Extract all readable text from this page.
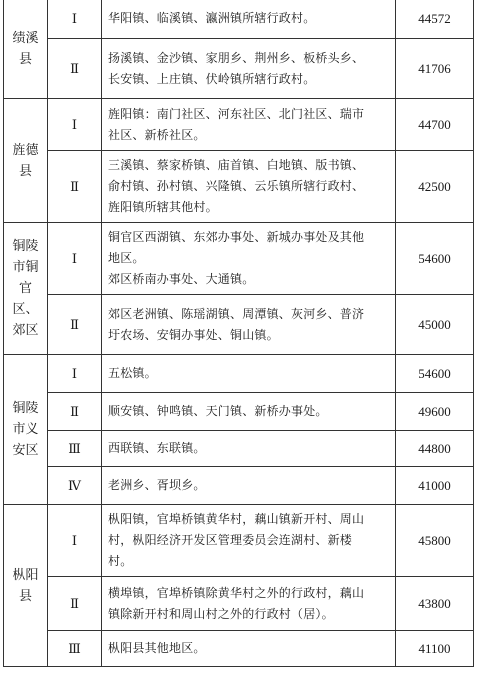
绩溪县	Ⅰ	华阳镇、临溪镇、瀛洲镇所辖行政村。	44572
	Ⅱ	扬溪镇、金沙镇、家朋乡、荆州乡、板桥头乡、
长安镇、上庄镇、伏岭镇所辖行政村。	41706
旌德县	Ⅰ	旌阳镇：南门社区、河东社区、北门社区、瑞市
社区、新桥社区。	44700
	Ⅱ	三溪镇、蔡家桥镇、庙首镇、白地镇、版书镇、
俞村镇、孙村镇、兴隆镇、云乐镇所辖行政村、
旌阳镇所辖其他村。	42500
铜陵市铜官区、郊区	Ⅰ	铜官区西湖镇、东郊办事处、新城办事处及其他
地区。
郊区桥南办事处、大通镇。	54600
	Ⅱ	郊区老洲镇、陈瑶湖镇、周潭镇、灰河乡、普济
圩农场、安铜办事处、铜山镇。	45000
铜陵市义安区	Ⅰ	五松镇。	54600
	Ⅱ	顺安镇、钟鸣镇、天门镇、新桥办事处。	49600
	Ⅲ	西联镇、东联镇。	44800
	Ⅳ	老洲乡、胥坝乡。	41000
枞阳县	Ⅰ	枞阳镇，官埠桥镇黄华村，藕山镇新开村、周山
村，枞阳经济开发区管理委员会连湖村、新楼
村。	45800
	Ⅱ	横埠镇，官埠桥镇除黄华村之外的行政村，藕山
镇除新开村和周山村之外的行政村（居）。	43800
	Ⅲ	枞阳县其他地区。	41100
